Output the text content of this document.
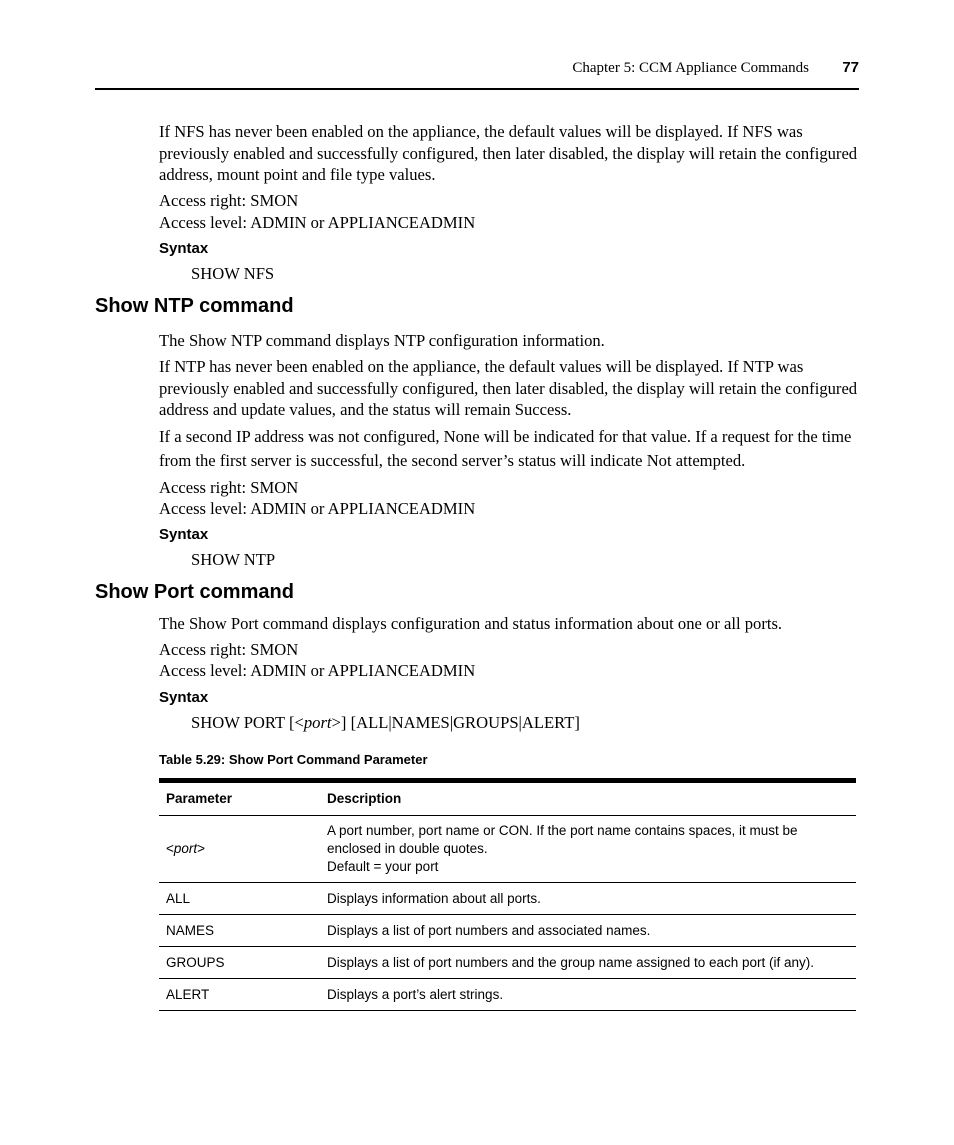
Chapter 5: CCM Appliance Commands 77

If NFS has never been enabled on the appliance, the default values will be displayed. If NFS was previously enabled and successfully configured, then later disabled, the display will retain the configured address, mount point and file type values.

Access right: SMON

Access level: ADMIN or APPLIANCEADMIN

Syntax
SHOW NFS
Show NTP command

The Show NTP command displays NTP configuration information.

If NTP has never been enabled on the appliance, the default values will be displayed. If NTP was previously enabled and successfully configured, then later disabled, the display will retain the configured address and update values, and the status will remain Success.

If a second IP address was not configured, None will be indicated for that value. If a request for the time from the first server is successful, the second server’s status will indicate Not attempted.

Access right: SMON

Access level: ADMIN or APPLIANCEADMIN

Syntax
SHOW NTP
Show Port command

The Show Port command displays configuration and status information about one or all ports.

Access right: SMON

Access level: ADMIN or APPLIANCEADMIN

Syntax
SHOW PORT [<port>] [ALL|NAMES|GROUPS|ALERT]
Table 5.29: Show Port Command Parameter
Parameter	Description
<port>	A port number, port name or CON. If the port name contains spaces, it must be
enclosed in double quotes.
Default = your port

ALL	Displays information about all ports.
NAMES	Displays a list of port numbers and associated names.
GROUPS	Displays a list of port numbers and the group name assigned to each port (if any).
ALERT	Displays a port’s alert strings.
